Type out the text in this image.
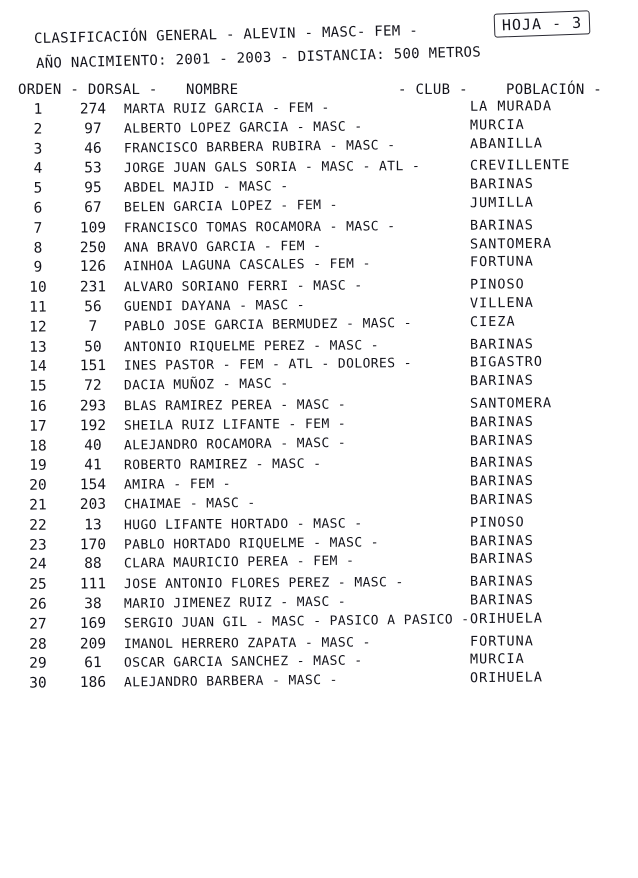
HOJA - 3
CLASIFICACIÓN GENERAL - ALEVIN - MASC- FEM -
AÑO NACIMIENTO: 2001 - 2003 - DISTANCIA: 500 METROS
ORDEN - DORSAL - NOMBRE	- CLUB -	POBLACIÓN -
1	274	MARTA RUIZ GARCIA - FEM -	LA MURADA
2	97	ALBERTO LOPEZ GARCIA - MASC -	MURCIA
3	46	FRANCISCO BARBERA RUBIRA - MASC -	ABANILLA
4	53	JORGE JUAN GALS SORIA - MASC - ATL -	CREVILLENTE
5	95	ABDEL MAJID - MASC -	BARINAS
6	67	BELEN GARCIA LOPEZ - FEM -	JUMILLA
7	109	FRANCISCO TOMAS ROCAMORA - MASC -	BARINAS
8	250	ANA BRAVO GARCIA - FEM -	SANTOMERA
9	126	AINHOA LAGUNA CASCALES - FEM -	FORTUNA
10	231	ALVARO SORIANO FERRI - MASC -	PINOSO
11	56	GUENDI DAYANA - MASC -	VILLENA
12	7	PABLO JOSE GARCIA BERMUDEZ - MASC -	CIEZA
13	50	ANTONIO RIQUELME PEREZ - MASC -	BARINAS
14	151	INES PASTOR - FEM - ATL - DOLORES -	BIGASTRO
15	72	DACIA MUÑOZ - MASC -	BARINAS
16	293	BLAS RAMIREZ PEREA - MASC -	SANTOMERA
17	192	SHEILA RUIZ LIFANTE - FEM -	BARINAS
18	40	ALEJANDRO ROCAMORA - MASC -	BARINAS
19	41	ROBERTO RAMIREZ - MASC -	BARINAS
20	154	AMIRA - FEM -	BARINAS
21	203	CHAIMAE - MASC -	BARINAS
22	13	HUGO LIFANTE HORTADO - MASC -	PINOSO
23	170	PABLO HORTADO RIQUELME - MASC -	BARINAS
24	88	CLARA MAURICIO PEREA - FEM -	BARINAS
25	111	JOSE ANTONIO FLORES PEREZ - MASC -	BARINAS
26	38	MARIO JIMENEZ RUIZ - MASC -	BARINAS
27	169	SERGIO JUAN GIL - MASC - PASICO A PASICO - ORIHUELA
28	209	IMANOL HERRERO ZAPATA - MASC -	FORTUNA
29	61	OSCAR GARCIA SANCHEZ - MASC -	MURCIA
30	186	ALEJANDRO BARBERA - MASC -	ORIHUELA
